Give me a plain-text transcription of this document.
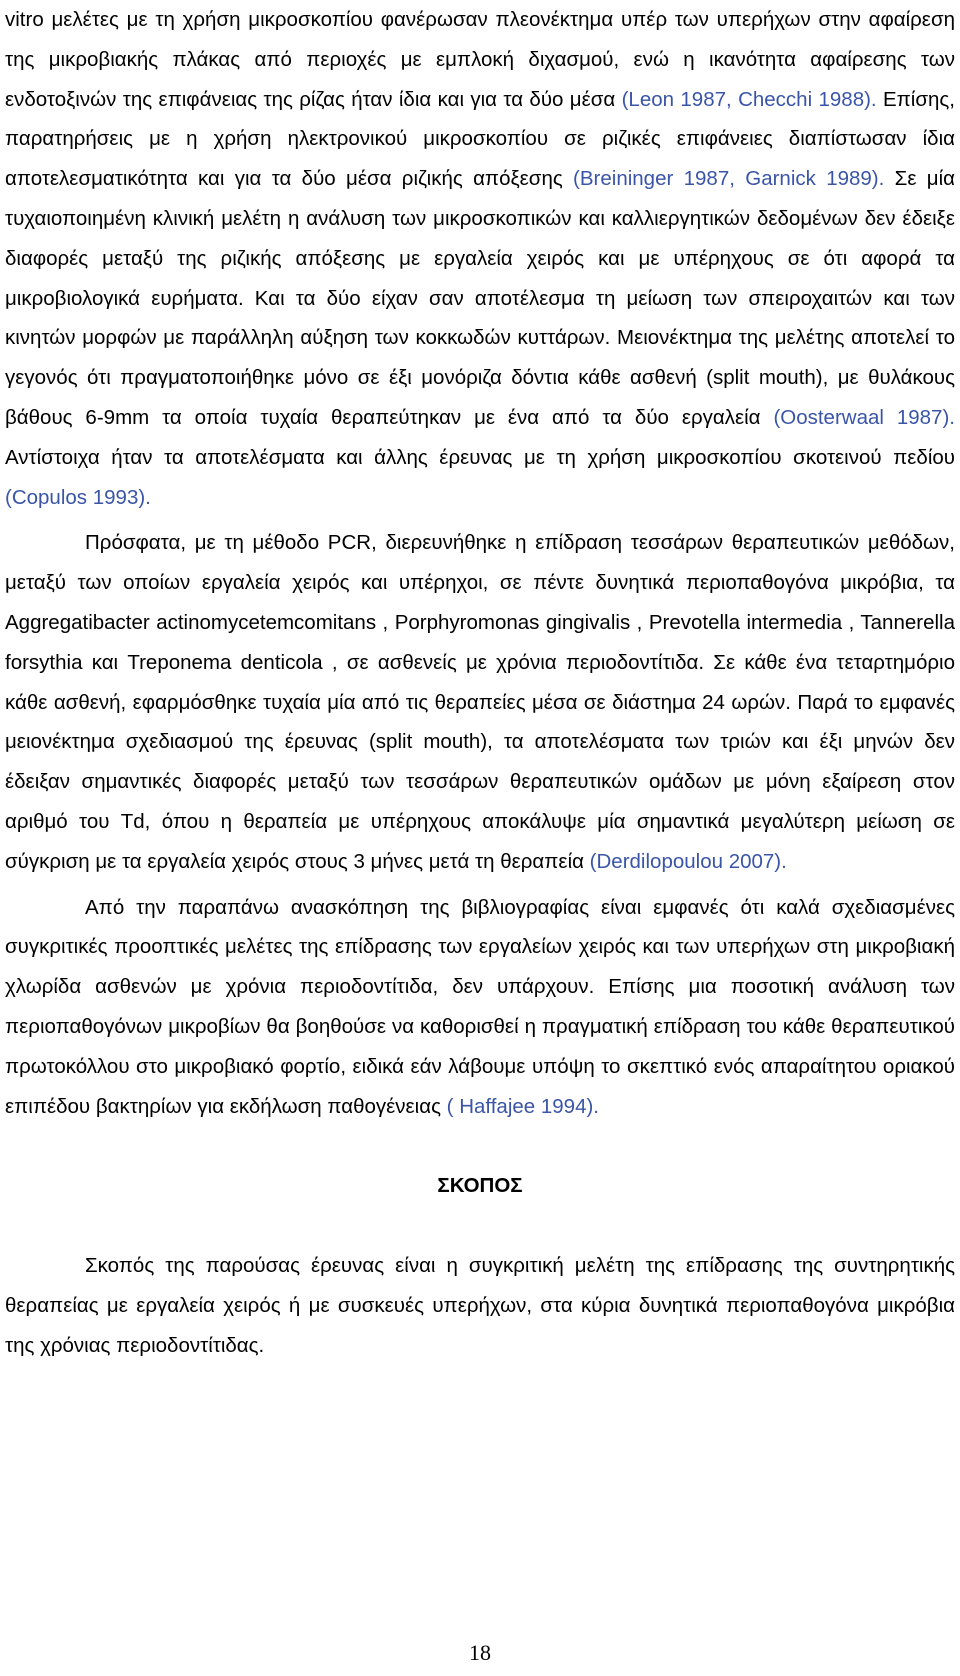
vitro μελέτες με τη χρήση μικροσκοπίου φανέρωσαν πλεονέκτημα υπέρ των υπερήχων στην αφαίρεση της μικροβιακής πλάκας από περιοχές με εμπλοκή διχασμού, ενώ η ικανότητα αφαίρεσης των ενδοτοξινών της επιφάνειας της ρίζας ήταν ίδια και για τα δύο μέσα (Leon 1987, Checchi 1988). Επίσης, παρατηρήσεις με η χρήση ηλεκτρονικού μικροσκοπίου σε ριζικές επιφάνειες διαπίστωσαν ίδια αποτελεσματικότητα και για τα δύο μέσα ριζικής απόξεσης (Breininger 1987, Garnick 1989). Σε μία τυχαιοποιημένη κλινική μελέτη η ανάλυση των μικροσκοπικών και καλλιεργητικών δεδομένων δεν έδειξε διαφορές μεταξύ της ριζικής απόξεσης με εργαλεία χειρός και με υπέρηχους σε ότι αφορά τα μικροβιολογικά ευρήματα. Και τα δύο είχαν σαν αποτέλεσμα τη μείωση των σπειροχαιτών και των κινητών μορφών με παράλληλη αύξηση των κοκκωδών κυττάρων. Μειονέκτημα της μελέτης αποτελεί το γεγονός ότι πραγματοποιήθηκε μόνο σε έξι μονόριζα δόντια κάθε ασθενή (split mouth), με θυλάκους βάθους 6-9mm τα οποία τυχαία θεραπεύτηκαν με ένα από τα δύο εργαλεία (Oosterwaal 1987). Αντίστοιχα ήταν τα αποτελέσματα και άλλης έρευνας με τη χρήση μικροσκοπίου σκοτεινού πεδίου (Copulos 1993).

Πρόσφατα, με τη μέθοδο PCR, διερευνήθηκε η επίδραση τεσσάρων θεραπευτικών μεθόδων, μεταξύ των οποίων εργαλεία χειρός και υπέρηχοι, σε πέντε δυνητικά περιοπαθογόνα μικρόβια, τα Aggregatibacter actinomycetemcomitans , Porphyromonas gingivalis , Prevotella intermedia , Tannerella forsythia και Treponema denticola , σε ασθενείς με χρόνια περιοδοντίτιδα. Σε κάθε ένα τεταρτημόριο κάθε ασθενή, εφαρμόσθηκε τυχαία μία από τις θεραπείες μέσα σε διάστημα 24 ωρών. Παρά το εμφανές μειονέκτημα σχεδιασμού της έρευνας (split mouth), τα αποτελέσματα των τριών και έξι μηνών δεν έδειξαν σημαντικές διαφορές μεταξύ των τεσσάρων θεραπευτικών ομάδων με μόνη εξαίρεση στον αριθμό του Td, όπου η θεραπεία με υπέρηχους αποκάλυψε μία σημαντικά μεγαλύτερη μείωση σε σύγκριση με τα εργαλεία χειρός στους 3 μήνες μετά τη θεραπεία (Derdilopoulou 2007).

Από την παραπάνω ανασκόπηση της βιβλιογραφίας είναι εμφανές ότι καλά σχεδιασμένες συγκριτικές προοπτικές μελέτες της επίδρασης των εργαλείων χειρός και των υπερήχων στη μικροβιακή χλωρίδα ασθενών με χρόνια περιοδοντίτιδα, δεν υπάρχουν. Επίσης μια ποσοτική ανάλυση των περιοπαθογόνων μικροβίων θα βοηθούσε να καθορισθεί η πραγματική επίδραση του κάθε θεραπευτικού πρωτοκόλλου στο μικροβιακό φορτίο, ειδικά εάν λάβουμε υπόψη το σκεπτικό ενός απαραίτητου οριακού επιπέδου βακτηρίων για εκδήλωση παθογένειας ( Haffajee 1994).

ΣΚΟΠΟΣ

Σκοπός της παρούσας έρευνας είναι η συγκριτική μελέτη της επίδρασης της συντηρητικής θεραπείας με εργαλεία χειρός ή με συσκευές υπερήχων, στα κύρια δυνητικά περιοπαθογόνα μικρόβια της χρόνιας περιοδοντίτιδας.

18
